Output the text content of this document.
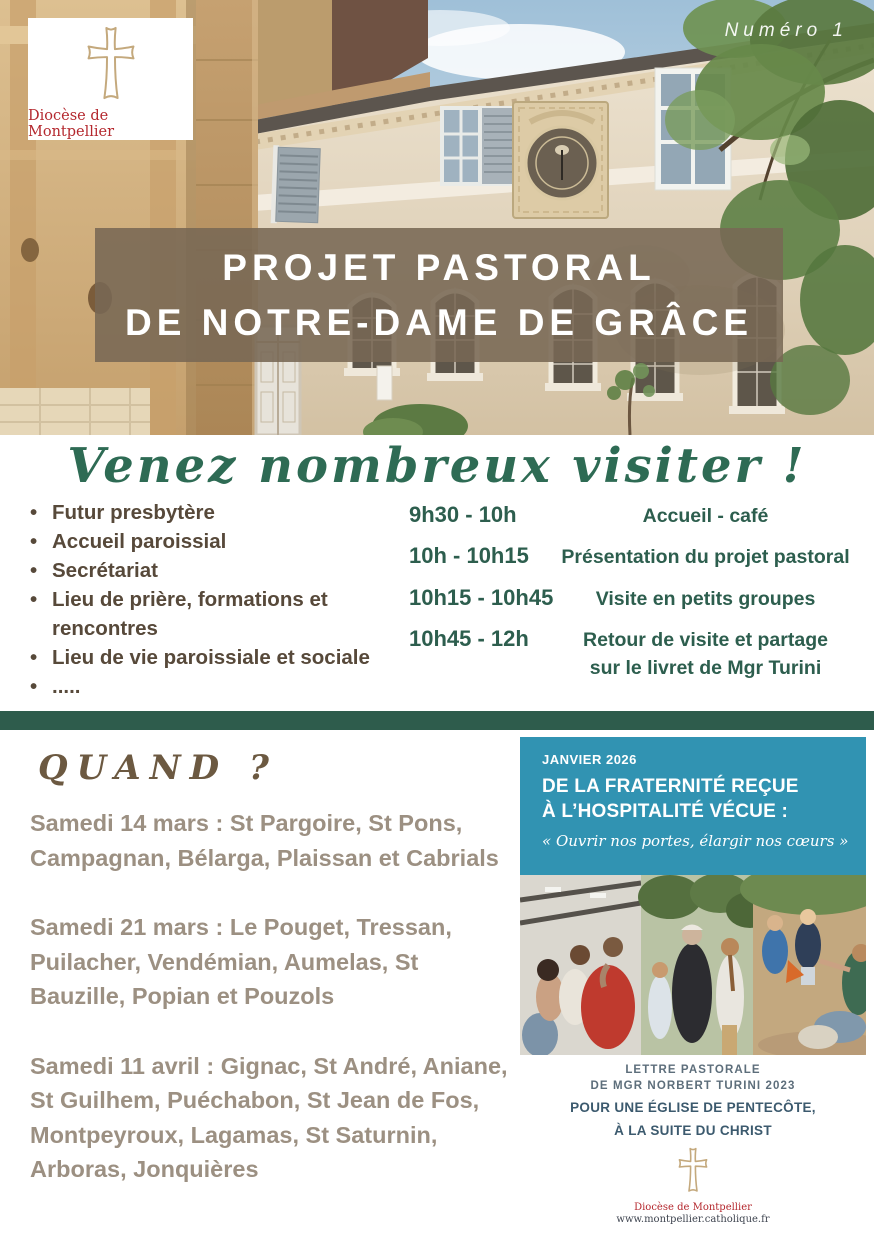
Diocèse de Montpellier
Numéro 1
PROJET PASTORAL
DE NOTRE-DAME DE GRÂCE
Venez nombreux visiter !
• Futur presbytère
• Accueil paroissial
• Secrétariat
• Lieu de prière, formations et rencontres
• Lieu de vie paroissiale et sociale
• .....
9h30 - 10h	Accueil - café
10h - 10h15	Présentation du projet pastoral
10h15 - 10h45	Visite en petits groupes
10h45 - 12h	Retour de visite et partage
sur le livret de Mgr Turini
QUAND ?

Samedi 14 mars : St Pargoire, St Pons, Campagnan, Bélarga, Plaissan et Cabrials

Samedi 21 mars : Le Pouget, Tressan, Puilacher, Vendémian, Aumelas, St Bauzille, Popian et Pouzols

Samedi 11 avril : Gignac, St André, Aniane, St Guilhem, Puéchabon, St Jean de Fos, Montpeyroux, Lagamas, St Saturnin, Arboras, Jonquières

JANVIER 2026
DE LA FRATERNITÉ REÇUE
À L’HOSPITALITÉ VÉCUE :
« Ouvrir nos portes, élargir nos cœurs »
LETTRE PASTORALE
DE MGR NORBERT TURINI 2023
POUR UNE ÉGLISE DE PENTECÔTE,
À LA SUITE DU CHRIST
Diocèse de Montpellier
www.montpellier.catholique.fr
